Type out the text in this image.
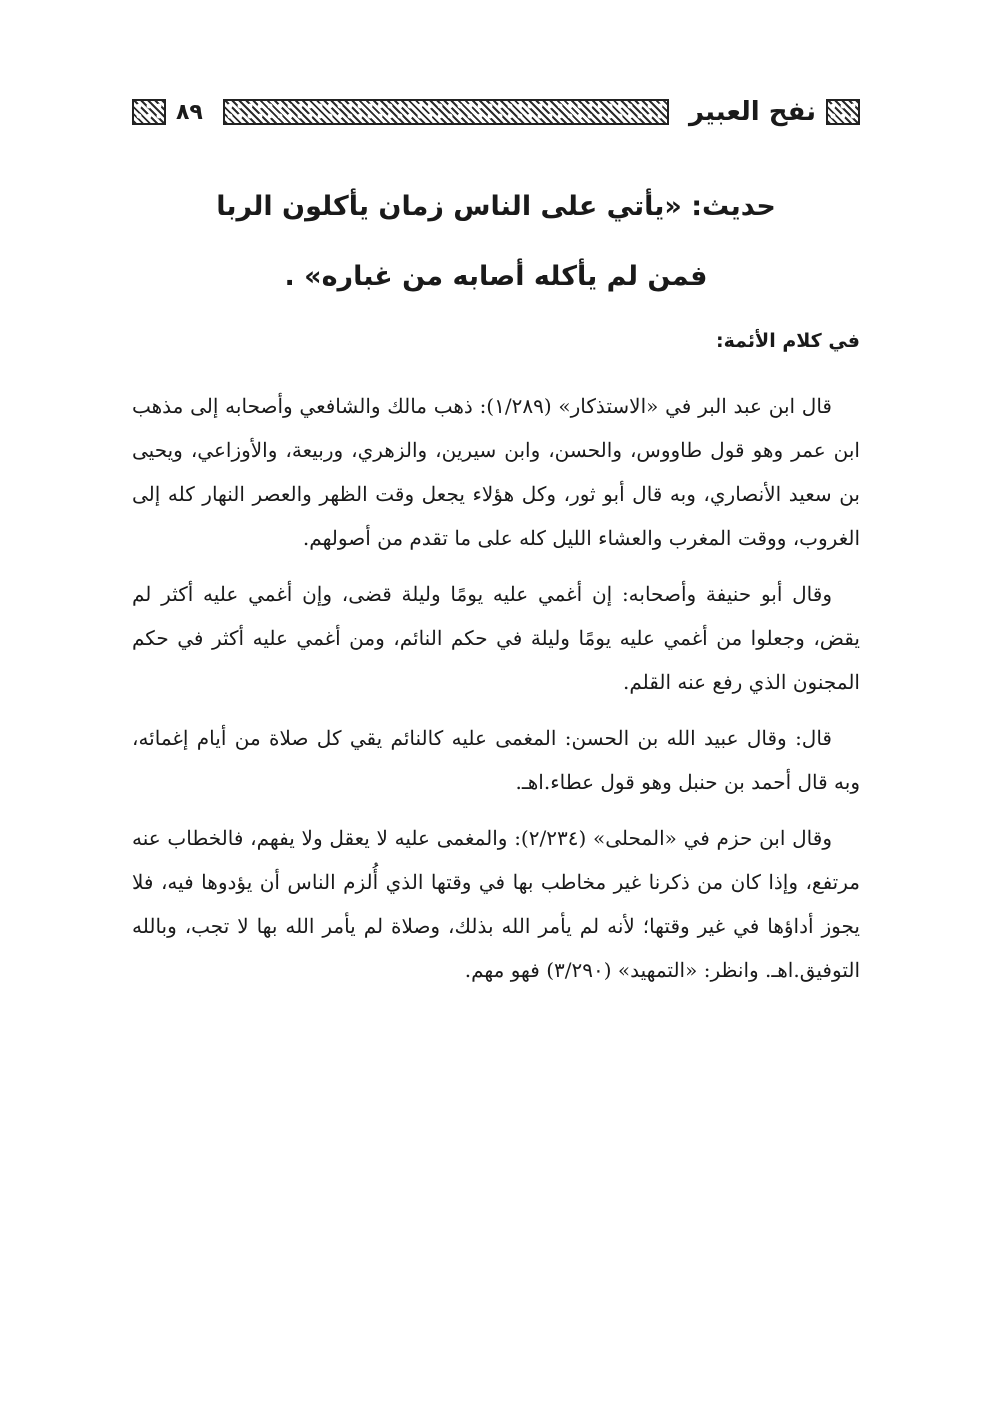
نفح العبير
٨٩
حديث: «يأتي على الناس زمان يأكلون الربا
فمن لم يأكله أصابه من غباره» .

في كلام الأئمة:

قال ابن عبد البر في «الاستذكار» (١/٢٨٩): ذهب مالك والشافعي وأصحابه إلى مذهب ابن عمر وهو قول طاووس، والحسن، وابن سيرين، والزهري، وربيعة، والأوزاعي، ويحيى بن سعيد الأنصاري، وبه قال أبو ثور، وكل هؤلاء يجعل وقت الظهر والعصر النهار كله إلى الغروب، ووقت المغرب والعشاء الليل كله على ما تقدم من أصولهم.

وقال أبو حنيفة وأصحابه: إن أغمي عليه يومًا وليلة قضى، وإن أغمي عليه أكثر لم يقض، وجعلوا من أغمي عليه يومًا وليلة في حكم النائم، ومن أغمي عليه أكثر في حكم المجنون الذي رفع عنه القلم.

قال: وقال عبيد الله بن الحسن: المغمى عليه كالنائم يقي كل صلاة من أيام إغمائه، وبه قال أحمد بن حنبل وهو قول عطاء.اهـ.

وقال ابن حزم في «المحلى» (٢/٢٣٤): والمغمى عليه لا يعقل ولا يفهم، فالخطاب عنه مرتفع، وإذا كان من ذكرنا غير مخاطب بها في وقتها الذي أُلزم الناس أن يؤدوها فيه، فلا يجوز أداؤها في غير وقتها؛ لأنه لم يأمر الله بذلك، وصلاة لم يأمر الله بها لا تجب، وبالله التوفيق.اهـ. وانظر: «التمهيد» (٣/٢٩٠) فهو مهم.
